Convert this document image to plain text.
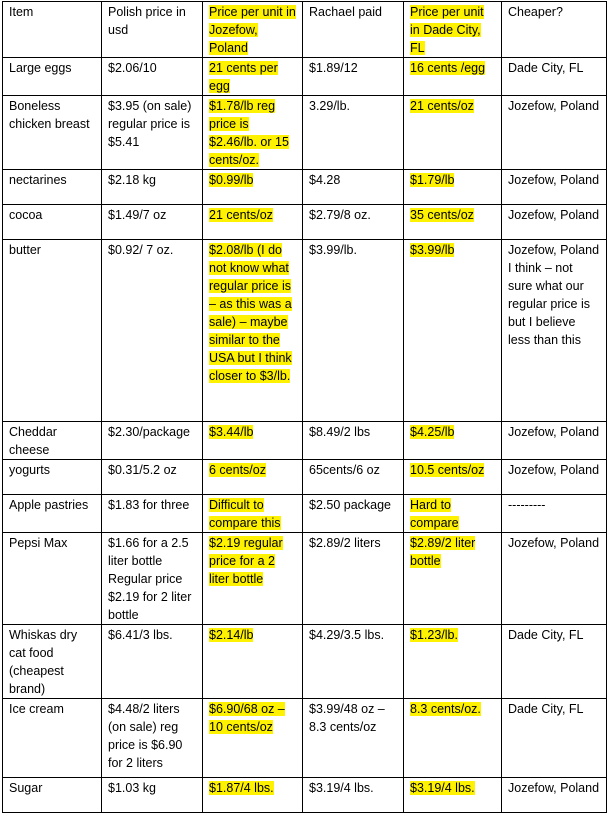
Item	Polish price in usd	Price per unit in Jozefow, Poland	Rachael paid	Price per unit in Dade City, FL	Cheaper?
Large eggs	$2.06/10	21 cents per egg	$1.89/12	16 cents /egg	Dade City, FL
Boneless chicken breast	$3.95 (on sale) regular price is $5.41	$1.78/lb reg price is $2.46/lb. or 15 cents/oz.	3.29/lb.	21 cents/oz	Jozefow, Poland
nectarines	$2.18 kg	$0.99/lb	$4.28	$1.79/lb	Jozefow, Poland
cocoa	$1.49/7 oz	21 cents/oz	$2.79/8 oz.	35 cents/oz	Jozefow, Poland
butter	$0.92/ 7 oz.	$2.08/lb (I do not know what regular price is – as this was a sale) – maybe similar to the USA but I think closer to $3/lb.	$3.99/lb.	$3.99/lb	Jozefow, Poland I think – not sure what our regular price is but I believe less than this
Cheddar cheese	$2.30/package	$3.44/lb	$8.49/2 lbs	$4.25/lb	Jozefow, Poland
yogurts	$0.31/5.2 oz	6 cents/oz	65cents/6 oz	10.5 cents/oz	Jozefow, Poland
Apple pastries	$1.83 for three	Difficult to compare this	$2.50 package	Hard to compare	---------
Pepsi Max	$1.66 for a 2.5 liter bottle Regular price $2.19 for 2 liter bottle	$2.19 regular price for a 2 liter bottle	$2.89/2 liters	$2.89/2 liter bottle	Jozefow, Poland
Whiskas dry cat food (cheapest brand)	$6.41/3 lbs.	$2.14/lb	$4.29/3.5 lbs.	$1.23/lb.	Dade City, FL
Ice cream	$4.48/2 liters (on sale) reg price is $6.90 for 2 liters	$6.90/68 oz – 10 cents/oz	$3.99/48 oz – 8.3 cents/oz	8.3 cents/oz.	Dade City, FL
Sugar	$1.03 kg	$1.87/4 lbs.	$3.19/4 lbs.	$3.19/4 lbs.	Jozefow, Poland
